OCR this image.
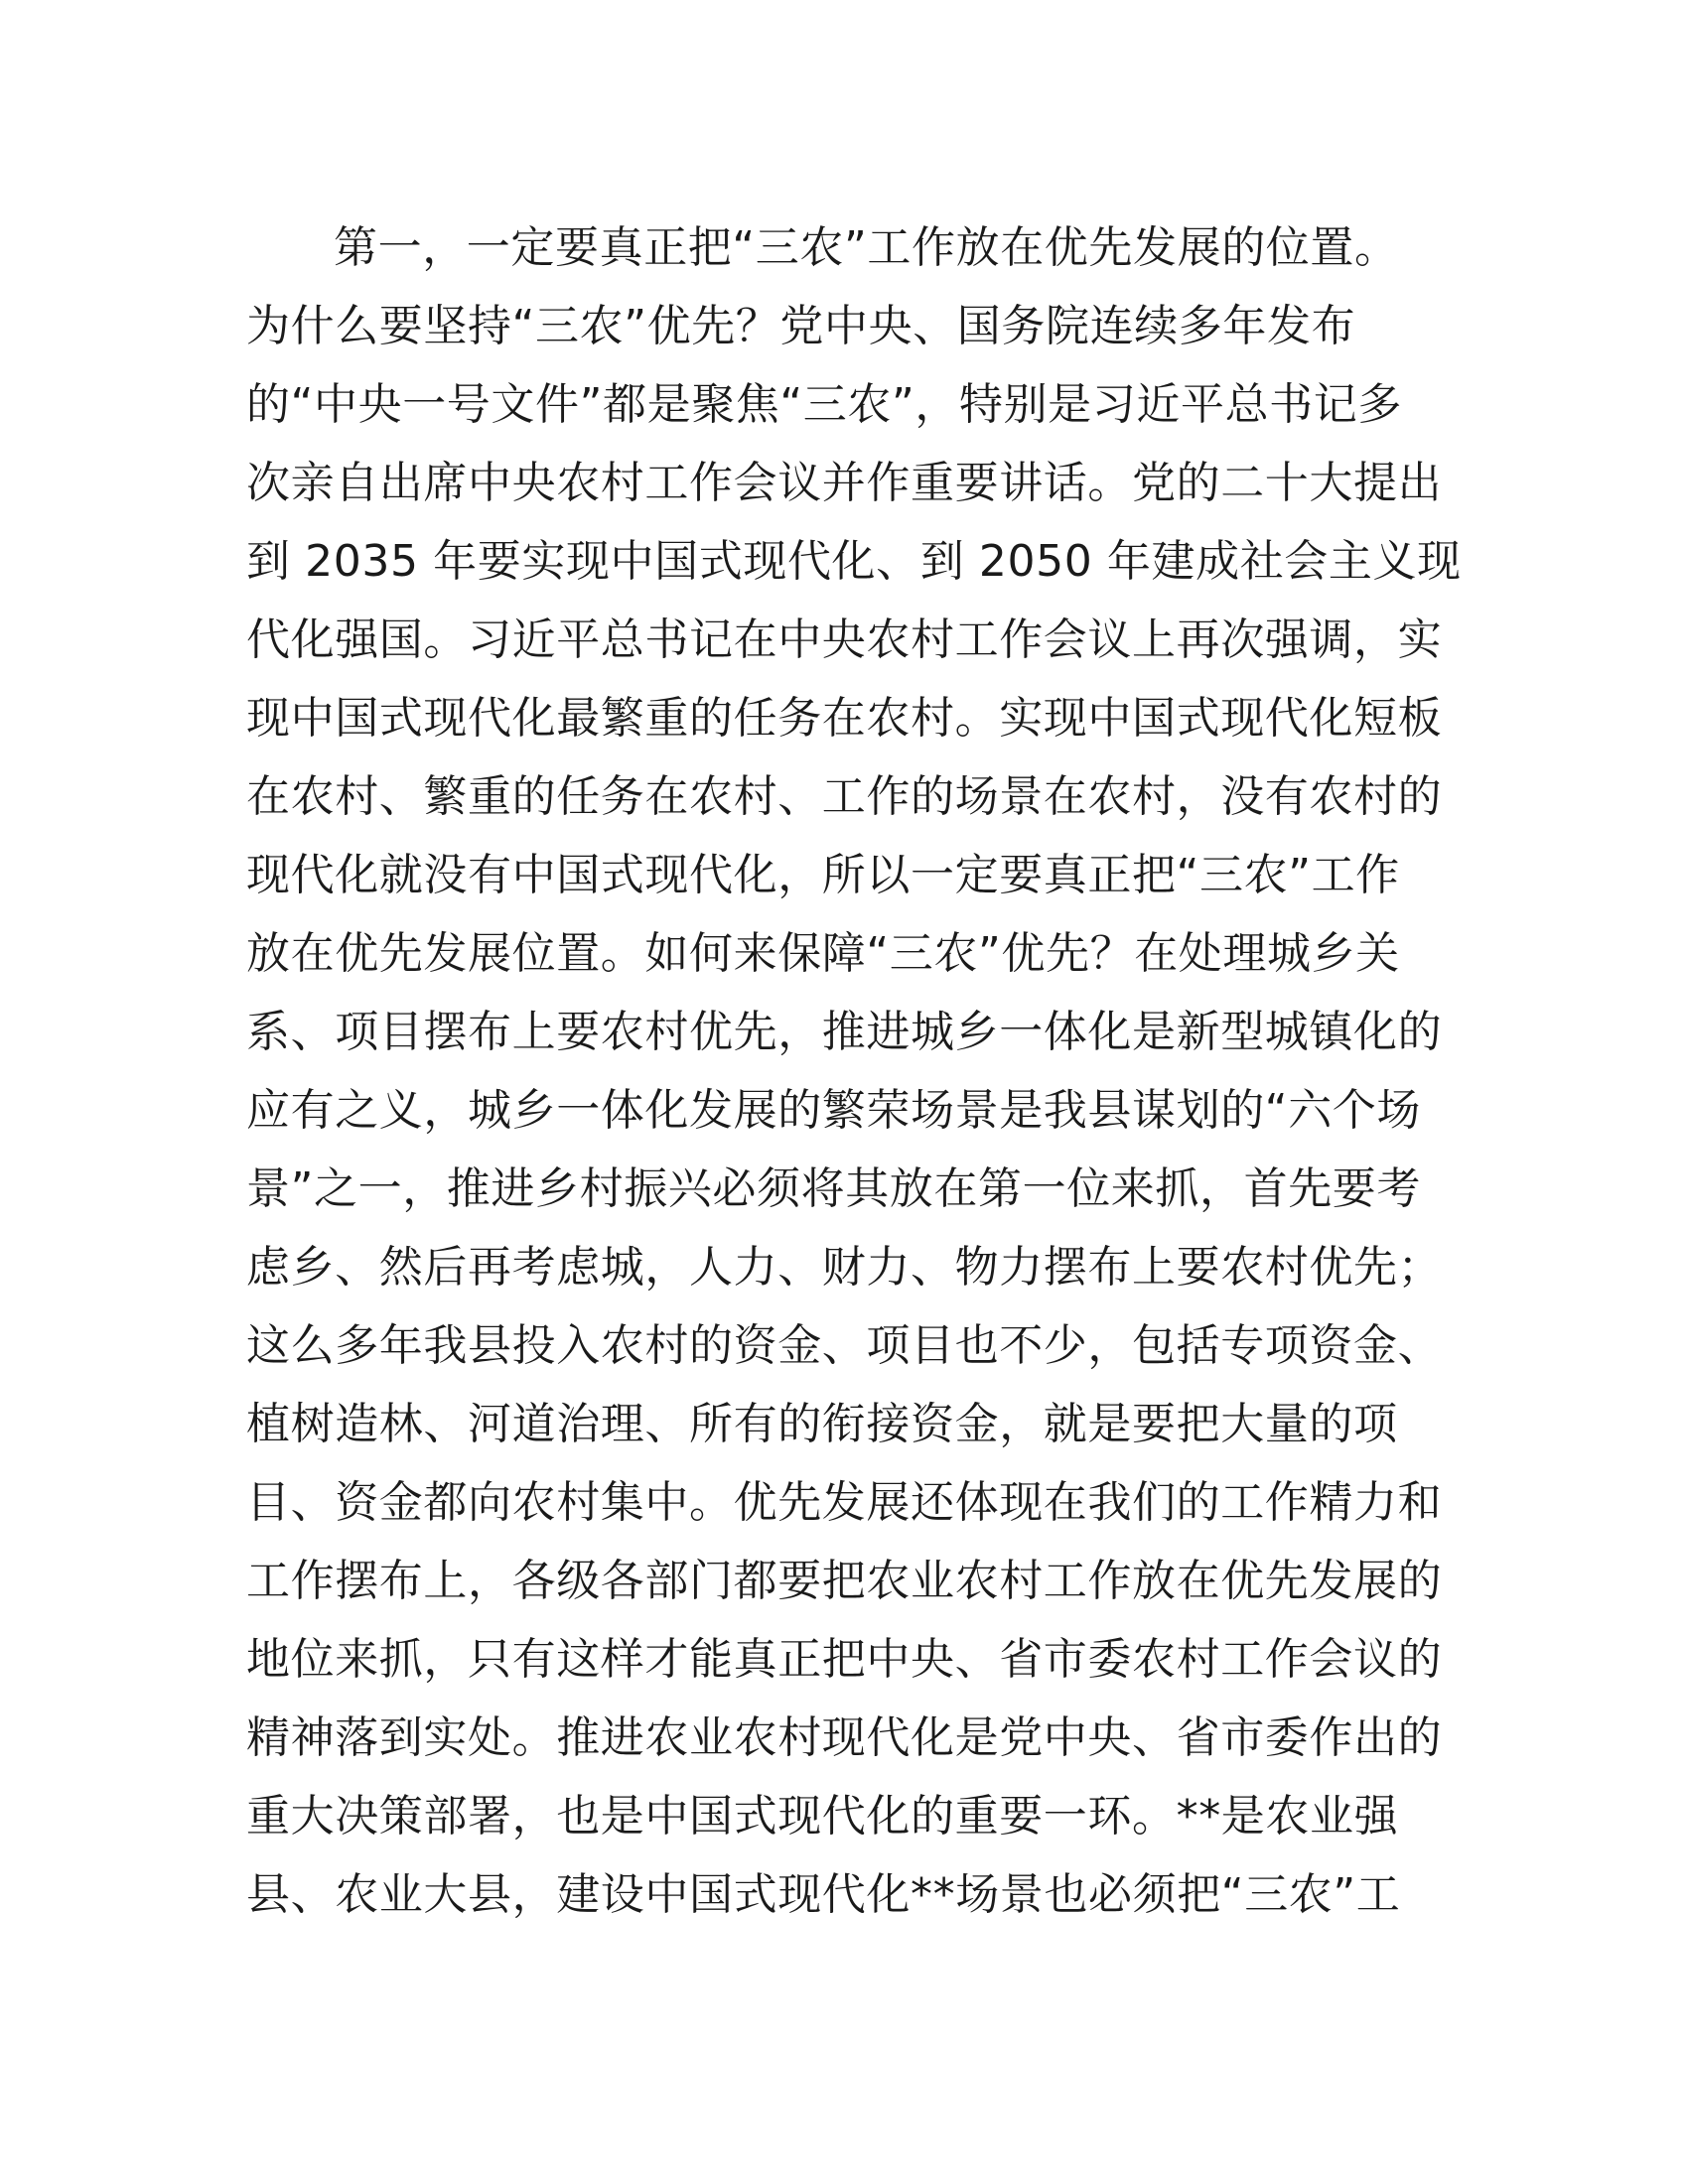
第一，一定要真正把“三农”工作放在优先发展的位置。
为什么要坚持“三农”优先？党中央、国务院连续多年发布
的“中央一号文件”都是聚焦“三农”，特别是习近平总书记多
次亲自出席中央农村工作会议并作重要讲话。党的二十大提出
到 2035 年要实现中国式现代化、到 2050 年建成社会主义现
代化强国。习近平总书记在中央农村工作会议上再次强调，实
现中国式现代化最繁重的任务在农村。实现中国式现代化短板
在农村、繁重的任务在农村、工作的场景在农村，没有农村的
现代化就没有中国式现代化，所以一定要真正把“三农”工作
放在优先发展位置。如何来保障“三农”优先？在处理城乡关
系、项目摆布上要农村优先，推进城乡一体化是新型城镇化的
应有之义，城乡一体化发展的繁荣场景是我县谋划的“六个场
景”之一，推进乡村振兴必须将其放在第一位来抓，首先要考
虑乡、然后再考虑城，人力、财力、物力摆布上要农村优先；
这么多年我县投入农村的资金、项目也不少，包括专项资金、
植树造林、河道治理、所有的衔接资金，就是要把大量的项
目、资金都向农村集中。优先发展还体现在我们的工作精力和
工作摆布上，各级各部门都要把农业农村工作放在优先发展的
地位来抓，只有这样才能真正把中央、省市委农村工作会议的
精神落到实处。推进农业农村现代化是党中央、省市委作出的
重大决策部署，也是中国式现代化的重要一环。**是农业强
县、农业大县，建设中国式现代化**场景也必须把“三农”工
